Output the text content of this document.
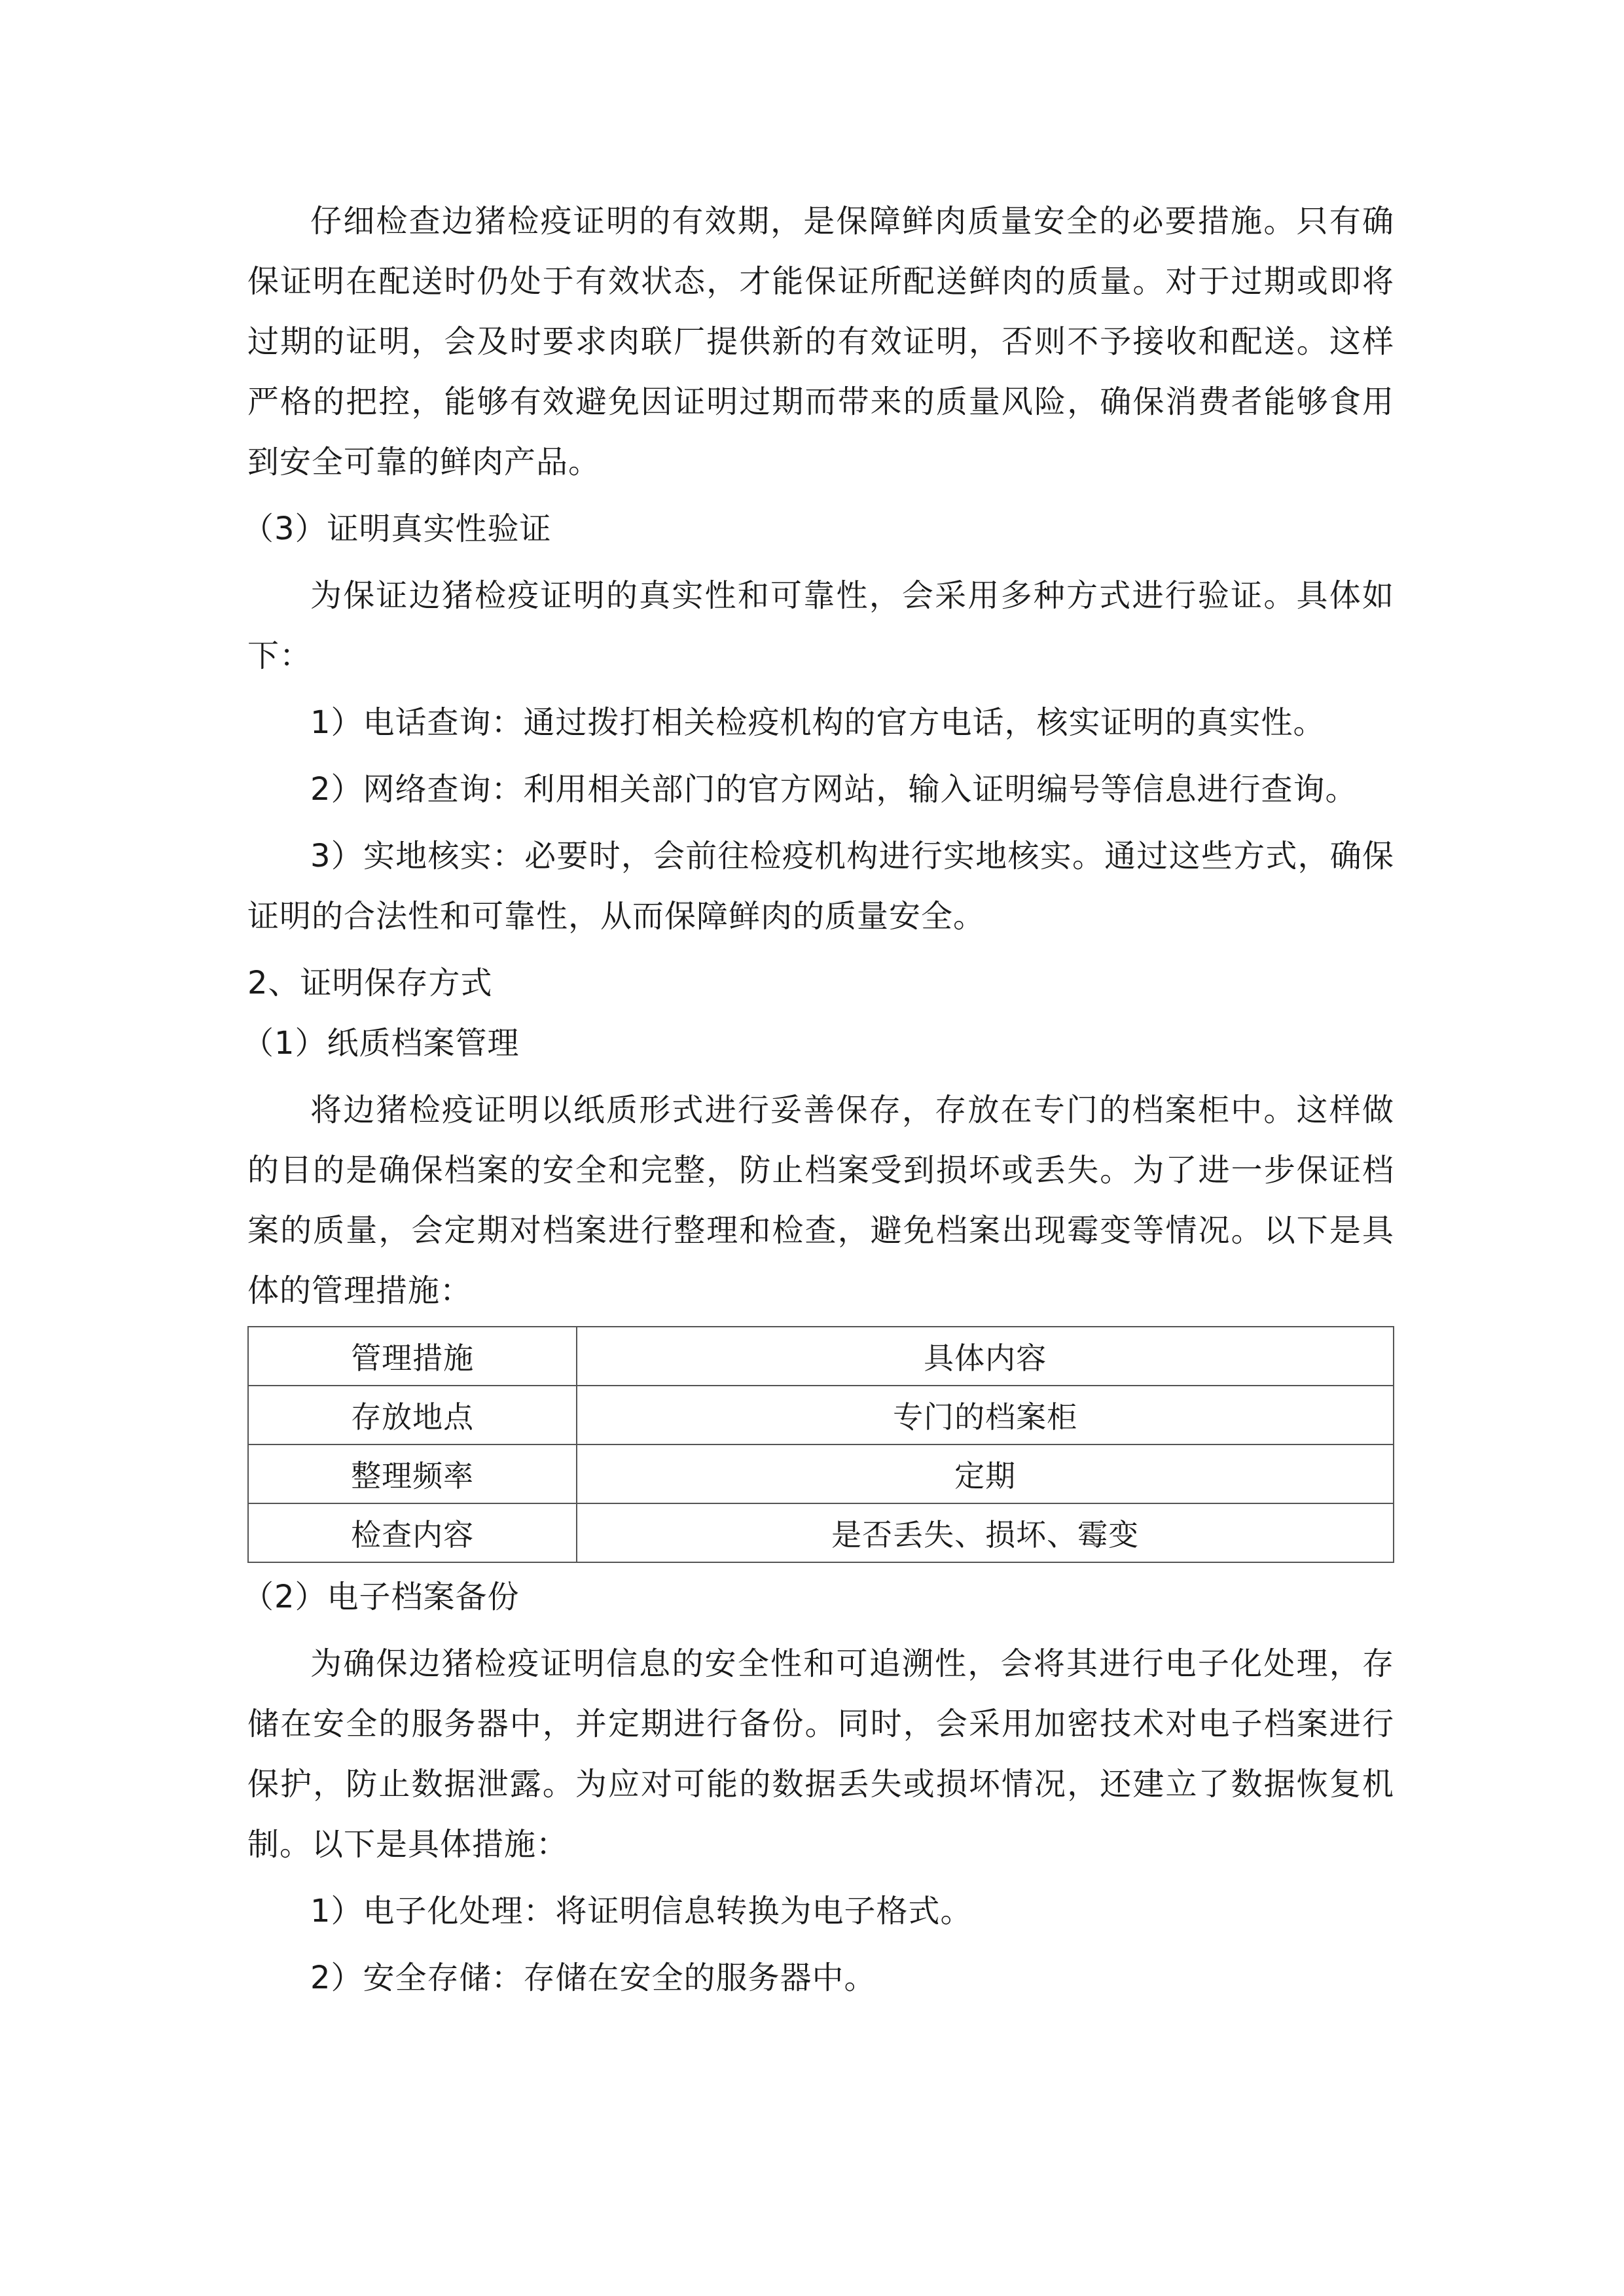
仔细检查边猪检疫证明的有效期，是保障鲜肉质量安全的必要措施。只有确保证明在配送时仍处于有效状态，才能保证所配送鲜肉的质量。对于过期或即将过期的证明，会及时要求肉联厂提供新的有效证明，否则不予接收和配送。这样严格的把控，能够有效避免因证明过期而带来的质量风险，确保消费者能够食用到安全可靠的鲜肉产品。

（3）证明真实性验证

为保证边猪检疫证明的真实性和可靠性，会采用多种方式进行验证。具体如下：

1）电话查询：通过拨打相关检疫机构的官方电话，核实证明的真实性。

2）网络查询：利用相关部门的官方网站，输入证明编号等信息进行查询。

3）实地核实：必要时，会前往检疫机构进行实地核实。通过这些方式，确保证明的合法性和可靠性，从而保障鲜肉的质量安全。

2、证明保存方式

（1）纸质档案管理

将边猪检疫证明以纸质形式进行妥善保存，存放在专门的档案柜中。这样做的目的是确保档案的安全和完整，防止档案受到损坏或丢失。为了进一步保证档案的质量，会定期对档案进行整理和检查，避免档案出现霉变等情况。以下是具体的管理措施：

管理措施	具体内容
存放地点	专门的档案柜
整理频率	定期
检查内容	是否丢失、损坏、霉变

（2）电子档案备份

为确保边猪检疫证明信息的安全性和可追溯性，会将其进行电子化处理，存储在安全的服务器中，并定期进行备份。同时，会采用加密技术对电子档案进行保护，防止数据泄露。为应对可能的数据丢失或损坏情况，还建立了数据恢复机制。以下是具体措施：

1）电子化处理：将证明信息转换为电子格式。

2）安全存储：存储在安全的服务器中。
